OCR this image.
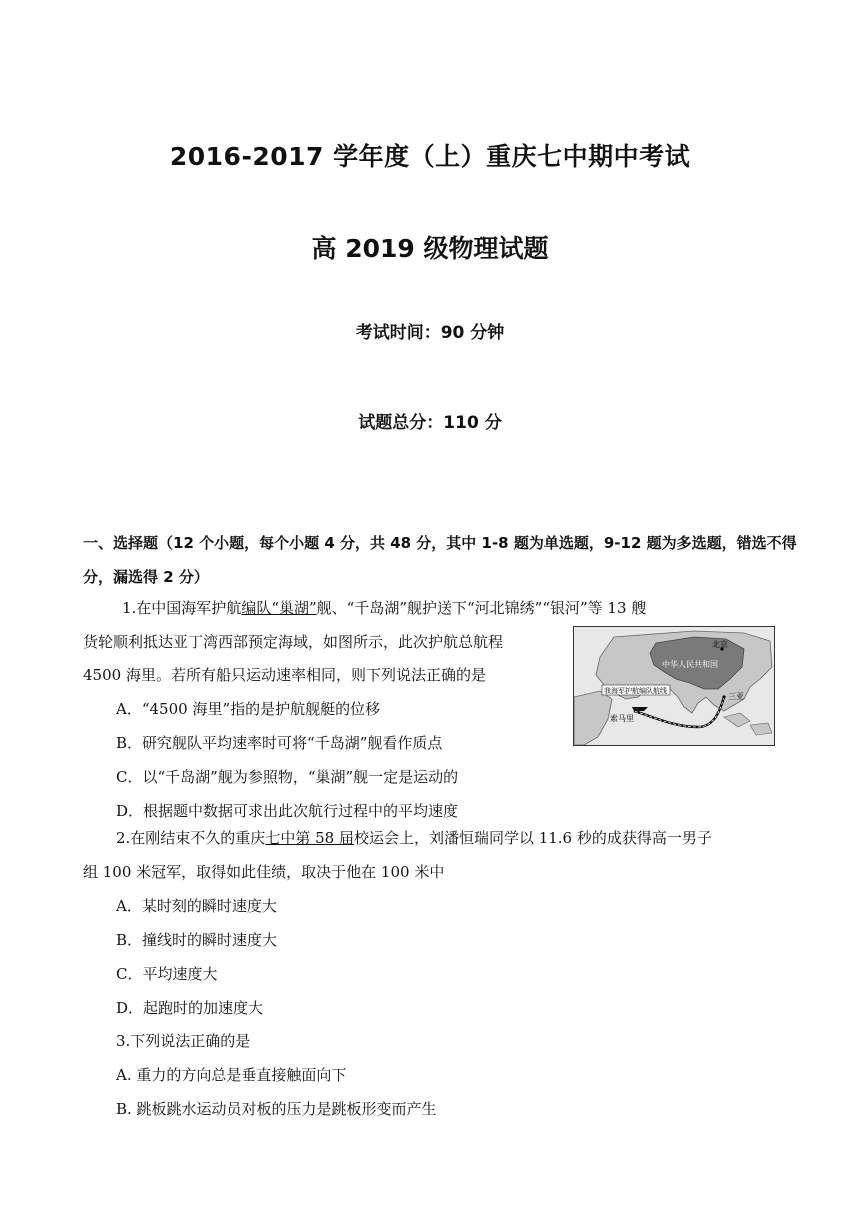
2016-2017 学年度（上）重庆七中期中考试
高 2019 级物理试题
考试时间：90 分钟
试题总分：110 分
一、选择题（12 个小题，每个小题 4 分，共 48 分，其中 1-8 题为单选题，9-12 题为多选题，错选不得分，漏选得 2 分）
1.在中国海军护航编队“巢湖”舰、“千岛湖”舰护送下“河北锦绣”“银河”等 13 艘
货轮顺利抵达亚丁湾西部预定海域，如图所示，此次护航总航程
4500 海里。若所有船只运动速率相同，则下列说法正确的是
A．“4500 海里”指的是护航舰艇的位移
B．研究舰队平均速率时可将“千岛湖”舰看作质点
C．以“千岛湖”舰为参照物，“巢湖”舰一定是运动的
D．根据题中数据可求出此次航行过程中的平均速度
北京
中华人民共和国
三亚
我海军护航编队航线
索马里
2.在刚结束不久的重庆七中第 58 届校运会上，刘潘恒瑞同学以 11.6 秒的成获得高一男子
组 100 米冠军，取得如此佳绩，取决于他在 100 米中
A．某时刻的瞬时速度大
B．撞线时的瞬时速度大
C．平均速度大
D．起跑时的加速度大
3.下列说法正确的是
A. 重力的方向总是垂直接触面向下
B. 跳板跳水运动员对板的压力是跳板形变而产生
